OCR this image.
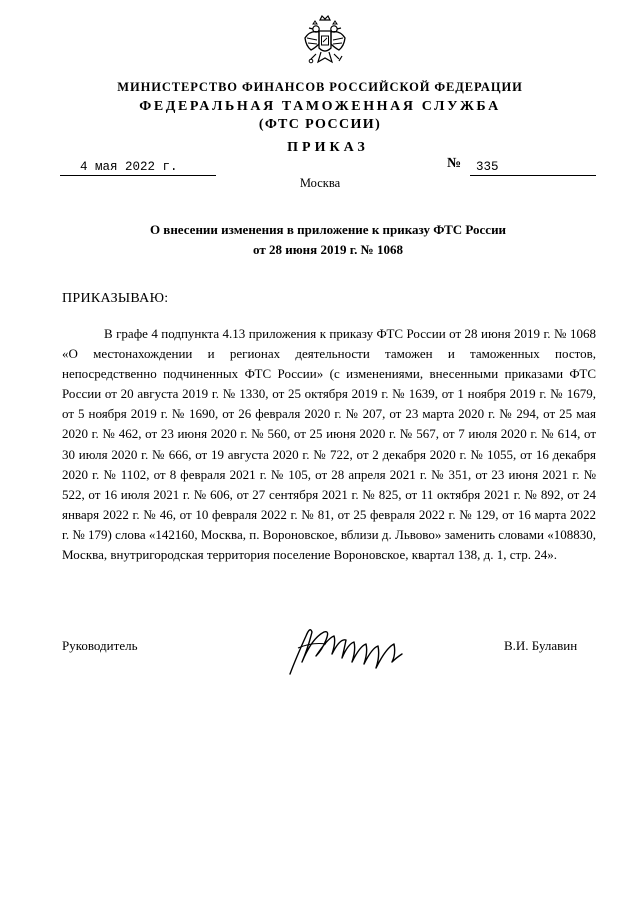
МИНИСТЕРСТВО ФИНАНСОВ РОССИЙСКОЙ ФЕДЕРАЦИИ
ФЕДЕРАЛЬНАЯ ТАМОЖЕННАЯ СЛУЖБА
(ФТС РОССИИ)
ПРИКАЗ
4 мая 2022 г.	№	335
Москва
О внесении изменения в приложение к приказу ФТС России
от 28 июня 2019 г. № 1068
ПРИКАЗЫВАЮ:
В графе 4 подпункта 4.13 приложения к приказу ФТС России от 28 июня 2019 г. № 1068 «О местонахождении и регионах деятельности таможен и таможенных постов, непосредственно подчиненных ФТС России» (с изменениями, внесенными приказами ФТС России от 20 августа 2019 г. № 1330, от 25 октября 2019 г. № 1639, от 1 ноября 2019 г. № 1679, от 5 ноября 2019 г. № 1690, от 26 февраля 2020 г. № 207, от 23 марта 2020 г. № 294, от 25 мая 2020 г. № 462, от 23 июня 2020 г. № 560, от 25 июня 2020 г. № 567, от 7 июля 2020 г. № 614, от 30 июля 2020 г. № 666, от 19 августа 2020 г. № 722, от 2 декабря 2020 г. № 1055, от 16 декабря 2020 г. № 1102, от 8 февраля 2021 г. № 105, от 28 апреля 2021 г. № 351, от 23 июня 2021 г. № 522, от 16 июля 2021 г. № 606, от 27 сентября 2021 г. № 825, от 11 октября 2021 г. № 892, от 24 января 2022 г. № 46, от 10 февраля 2022 г. № 81, от 25 февраля 2022 г. № 129, от 16 марта 2022 г. № 179) слова «142160, Москва, п. Вороновское, вблизи д. Львово» заменить словами «108830, Москва, внутригородская территория поселение Вороновское, квартал 138, д. 1, стр. 24».
Руководитель	В.И. Булавин
